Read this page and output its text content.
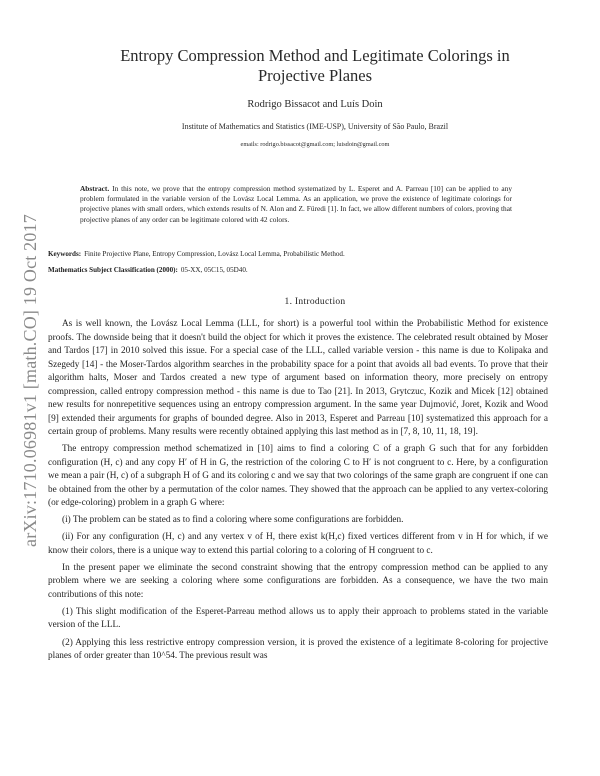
arXiv:1710.06981v1 [math.CO] 19 Oct 2017
Entropy Compression Method and Legitimate Colorings in
Projective Planes
Rodrigo Bissacot and Luís Doin
Institute of Mathematics and Statistics (IME-USP), University of São Paulo, Brazil
emails: rodrigo.bissacot@gmail.com; luisdoin@gmail.com
Abstract. In this note, we prove that the entropy compression method systematized by L. Esperet and A. Parreau [10] can be applied to any problem formulated in the variable version of the Lovász Local Lemma. As an application, we prove the existence of legitimate colorings for projective planes with small orders, which extends results of N. Alon and Z. Füredi [1]. In fact, we allow different numbers of colors, proving that projective planes of any order can be legitimate colored with 42 colors.
Keywords: Finite Projective Plane, Entropy Compression, Lovász Local Lemma, Probabilistic Method.
Mathematics Subject Classification (2000): 05-XX, 05C15, 05D40.
1. Introduction

As is well known, the Lovász Local Lemma (LLL, for short) is a powerful tool within the Probabilistic Method for existence proofs. The downside being that it doesn't build the object for which it proves the existence. The celebrated result obtained by Moser and Tardos [17] in 2010 solved this issue. For a special case of the LLL, called variable version - this name is due to Kolipaka and Szegedy [14] - the Moser-Tardos algorithm searches in the probability space for a point that avoids all bad events. To prove that their algorithm halts, Moser and Tardos created a new type of argument based on information theory, more precisely on entropy compression, called entropy compression method - this name is due to Tao [21]. In 2013, Grytczuc, Kozik and Micek [12] obtained new results for nonrepetitive sequences using an entropy compression argument. In the same year Dujmović, Joret, Kozik and Wood [9] extended their arguments for graphs of bounded degree. Also in 2013, Esperet and Parreau [10] systematized this approach for a certain group of problems. Many results were recently obtained applying this last method as in [7, 8, 10, 11, 18, 19].

The entropy compression method schematized in [10] aims to find a coloring C of a graph G such that for any forbidden configuration (H, c) and any copy H′ of H in G, the restriction of the coloring C to H′ is not congruent to c. Here, by a configuration we mean a pair (H, c) of a subgraph H of G and its coloring c and we say that two colorings of the same graph are congruent if one can be obtained from the other by a permutation of the color names. They showed that the approach can be applied to any vertex-coloring (or edge-coloring) problem in a graph G where:

(i) The problem can be stated as to find a coloring where some configurations are forbidden.

(ii) For any configuration (H, c) and any vertex v of H, there exist k(H,c) fixed vertices different from v in H for which, if we know their colors, there is a unique way to extend this partial coloring to a coloring of H congruent to c.

In the present paper we eliminate the second constraint showing that the entropy compression method can be applied to any problem where we are seeking a coloring where some configurations are forbidden. As a consequence, we have the two main contributions of this note:

(1) This slight modification of the Esperet-Parreau method allows us to apply their approach to problems stated in the variable version of the LLL.

(2) Applying this less restrictive entropy compression version, it is proved the existence of a legitimate 8-coloring for projective planes of order greater than 10^54. The previous result was
